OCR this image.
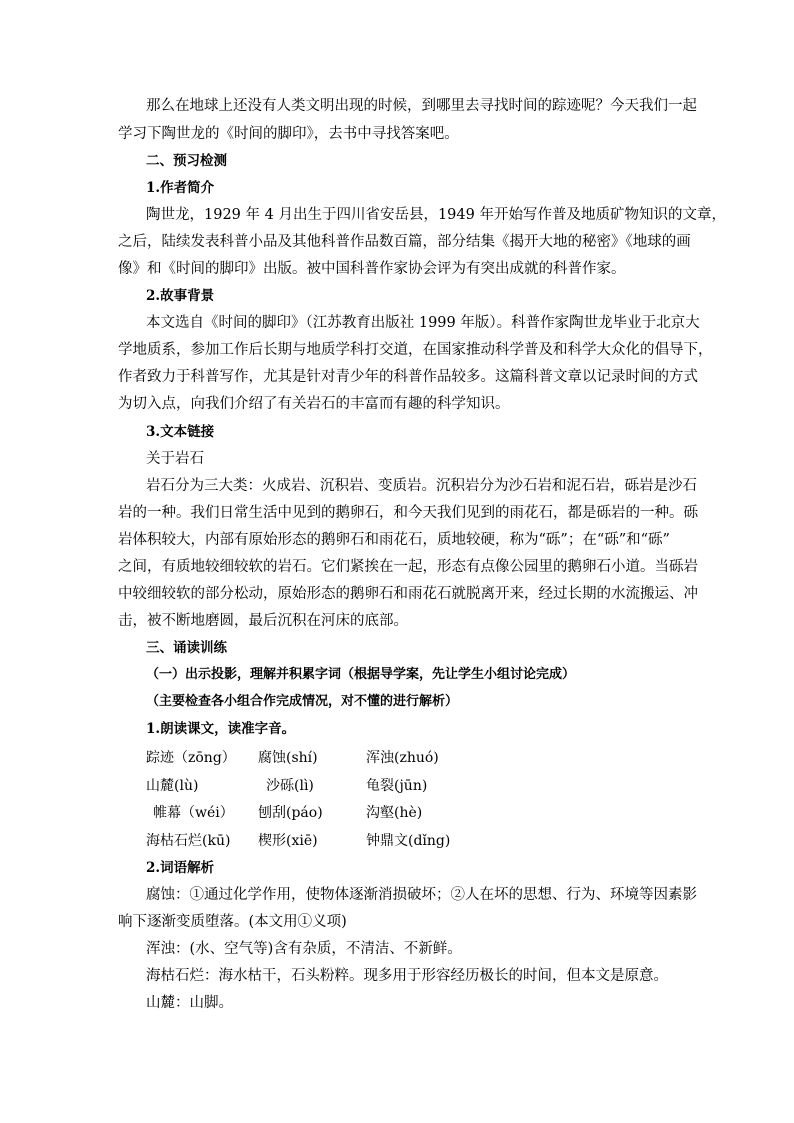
那么在地球上还没有人类文明出现的时候，到哪里去寻找时间的踪迹呢？今天我们一起
学习下陶世龙的《时间的脚印》，去书中寻找答案吧。
二、预习检测
1.作者简介
陶世龙，1929 年 4 月出生于四川省安岳县，1949 年开始写作普及地质矿物知识的文章，
之后，陆续发表科普小品及其他科普作品数百篇，部分结集《揭开大地的秘密》《地球的画
像》和《时间的脚印》出版。被中国科普作家协会评为有突出成就的科普作家。
2.故事背景
本文选自《时间的脚印》（江苏教育出版社 1999 年版）。科普作家陶世龙毕业于北京大
学地质系，参加工作后长期与地质学科打交道，在国家推动科学普及和科学大众化的倡导下，
作者致力于科普写作，尤其是针对青少年的科普作品较多。这篇科普文章以记录时间的方式
为切入点，向我们介绍了有关岩石的丰富而有趣的科学知识。
3.文本链接
关于岩石
岩石分为三大类：火成岩、沉积岩、变质岩。沉积岩分为沙石岩和泥石岩，砾岩是沙石
岩的一种。我们日常生活中见到的鹅卵石，和今天我们见到的雨花石，都是砾岩的一种。砾
岩体积较大，内部有原始形态的鹅卵石和雨花石，质地较硬，称为“砾”；在“砾”和“砾”
之间，有质地较细较软的岩石。它们紧挨在一起，形态有点像公园里的鹅卵石小道。当砾岩
中较细较软的部分松动，原始形态的鹅卵石和雨花石就脱离开来，经过长期的水流搬运、冲
击，被不断地磨圆，最后沉积在河床的底部。
三、诵读训练
（一）出示投影，理解并积累字词（根据导学案，先让学生小组讨论完成）
（主要检查各小组合作完成情况，对不懂的进行解析）
1.朗读课文，读准字音。
踪迹（zōng） 腐蚀(shí)	浑浊(zhuó)
山麓(lù)	沙砾(lì)	龟裂(jūn)
帷幕（wéi） 刨刮(páo)	沟壑(hè)
海枯石烂(kū) 楔形(xiē)	钟鼎文(dǐng)
2.词语解析
腐蚀：①通过化学作用，使物体逐渐消损破坏；②人在坏的思想、行为、环境等因素影
响下逐渐变质堕落。(本文用①义项)
浑浊：(水、空气等)含有杂质，不清洁、不新鲜。
海枯石烂：海水枯干，石头粉粹。现多用于形容经历极长的时间，但本文是原意。
山麓：山脚。
